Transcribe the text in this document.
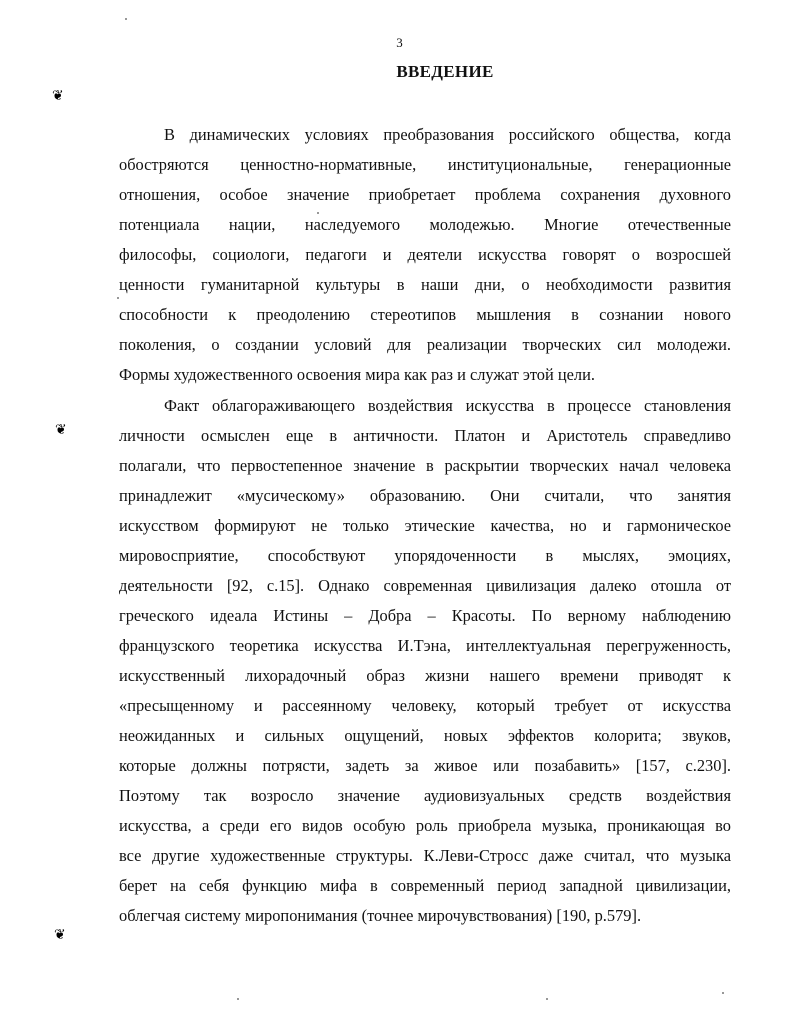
3
ВВЕДЕНИЕ
❦
❦
❦
В динамических условиях преобразования российского общества, когда
обостряются ценностно-нормативные, институциональные, генерационные
отношения, особое значение приобретает проблема сохранения духовного
потенциала нации, наследуемого молодежью. Многие отечественные
философы, социологи, педагоги и деятели искусства говорят о возросшей
ценности гуманитарной культуры в наши дни, о необходимости развития
способности к преодолению стереотипов мышления в сознании нового
поколения, о создании условий для реализации творческих сил молодежи.
Формы художественного освоения мира как раз и служат этой цели.
Факт облагораживающего воздействия искусства в процессе становления
личности осмыслен еще в античности. Платон и Аристотель справедливо
полагали, что первостепенное значение в раскрытии творческих начал человека
принадлежит «мусическому» образованию. Они считали, что занятия
искусством формируют не только этические качества, но и гармоническое
мировосприятие, способствуют упорядоченности в мыслях, эмоциях,
деятельности [92, с.15]. Однако современная цивилизация далеко отошла от
греческого идеала Истины – Добра – Красоты. По верному наблюдению
французского теоретика искусства И.Тэна, интеллектуальная перегруженность,
искусственный лихорадочный образ жизни нашего времени приводят к
«пресыщенному и рассеянному человеку, который требует от искусства
неожиданных и сильных ощущений, новых эффектов колорита; звуков,
которые должны потрясти, задеть за живое или позабавить» [157, с.230].
Поэтому так возросло значение аудиовизуальных средств воздействия
искусства, а среди его видов особую роль приобрела музыка, проникающая во
все другие художественные структуры. К.Леви-Стросс даже считал, что музыка
берет на себя функцию мифа в современный период западной цивилизации,
облегчая систему миропонимания (точнее мирочувствования) [190, р.579].
